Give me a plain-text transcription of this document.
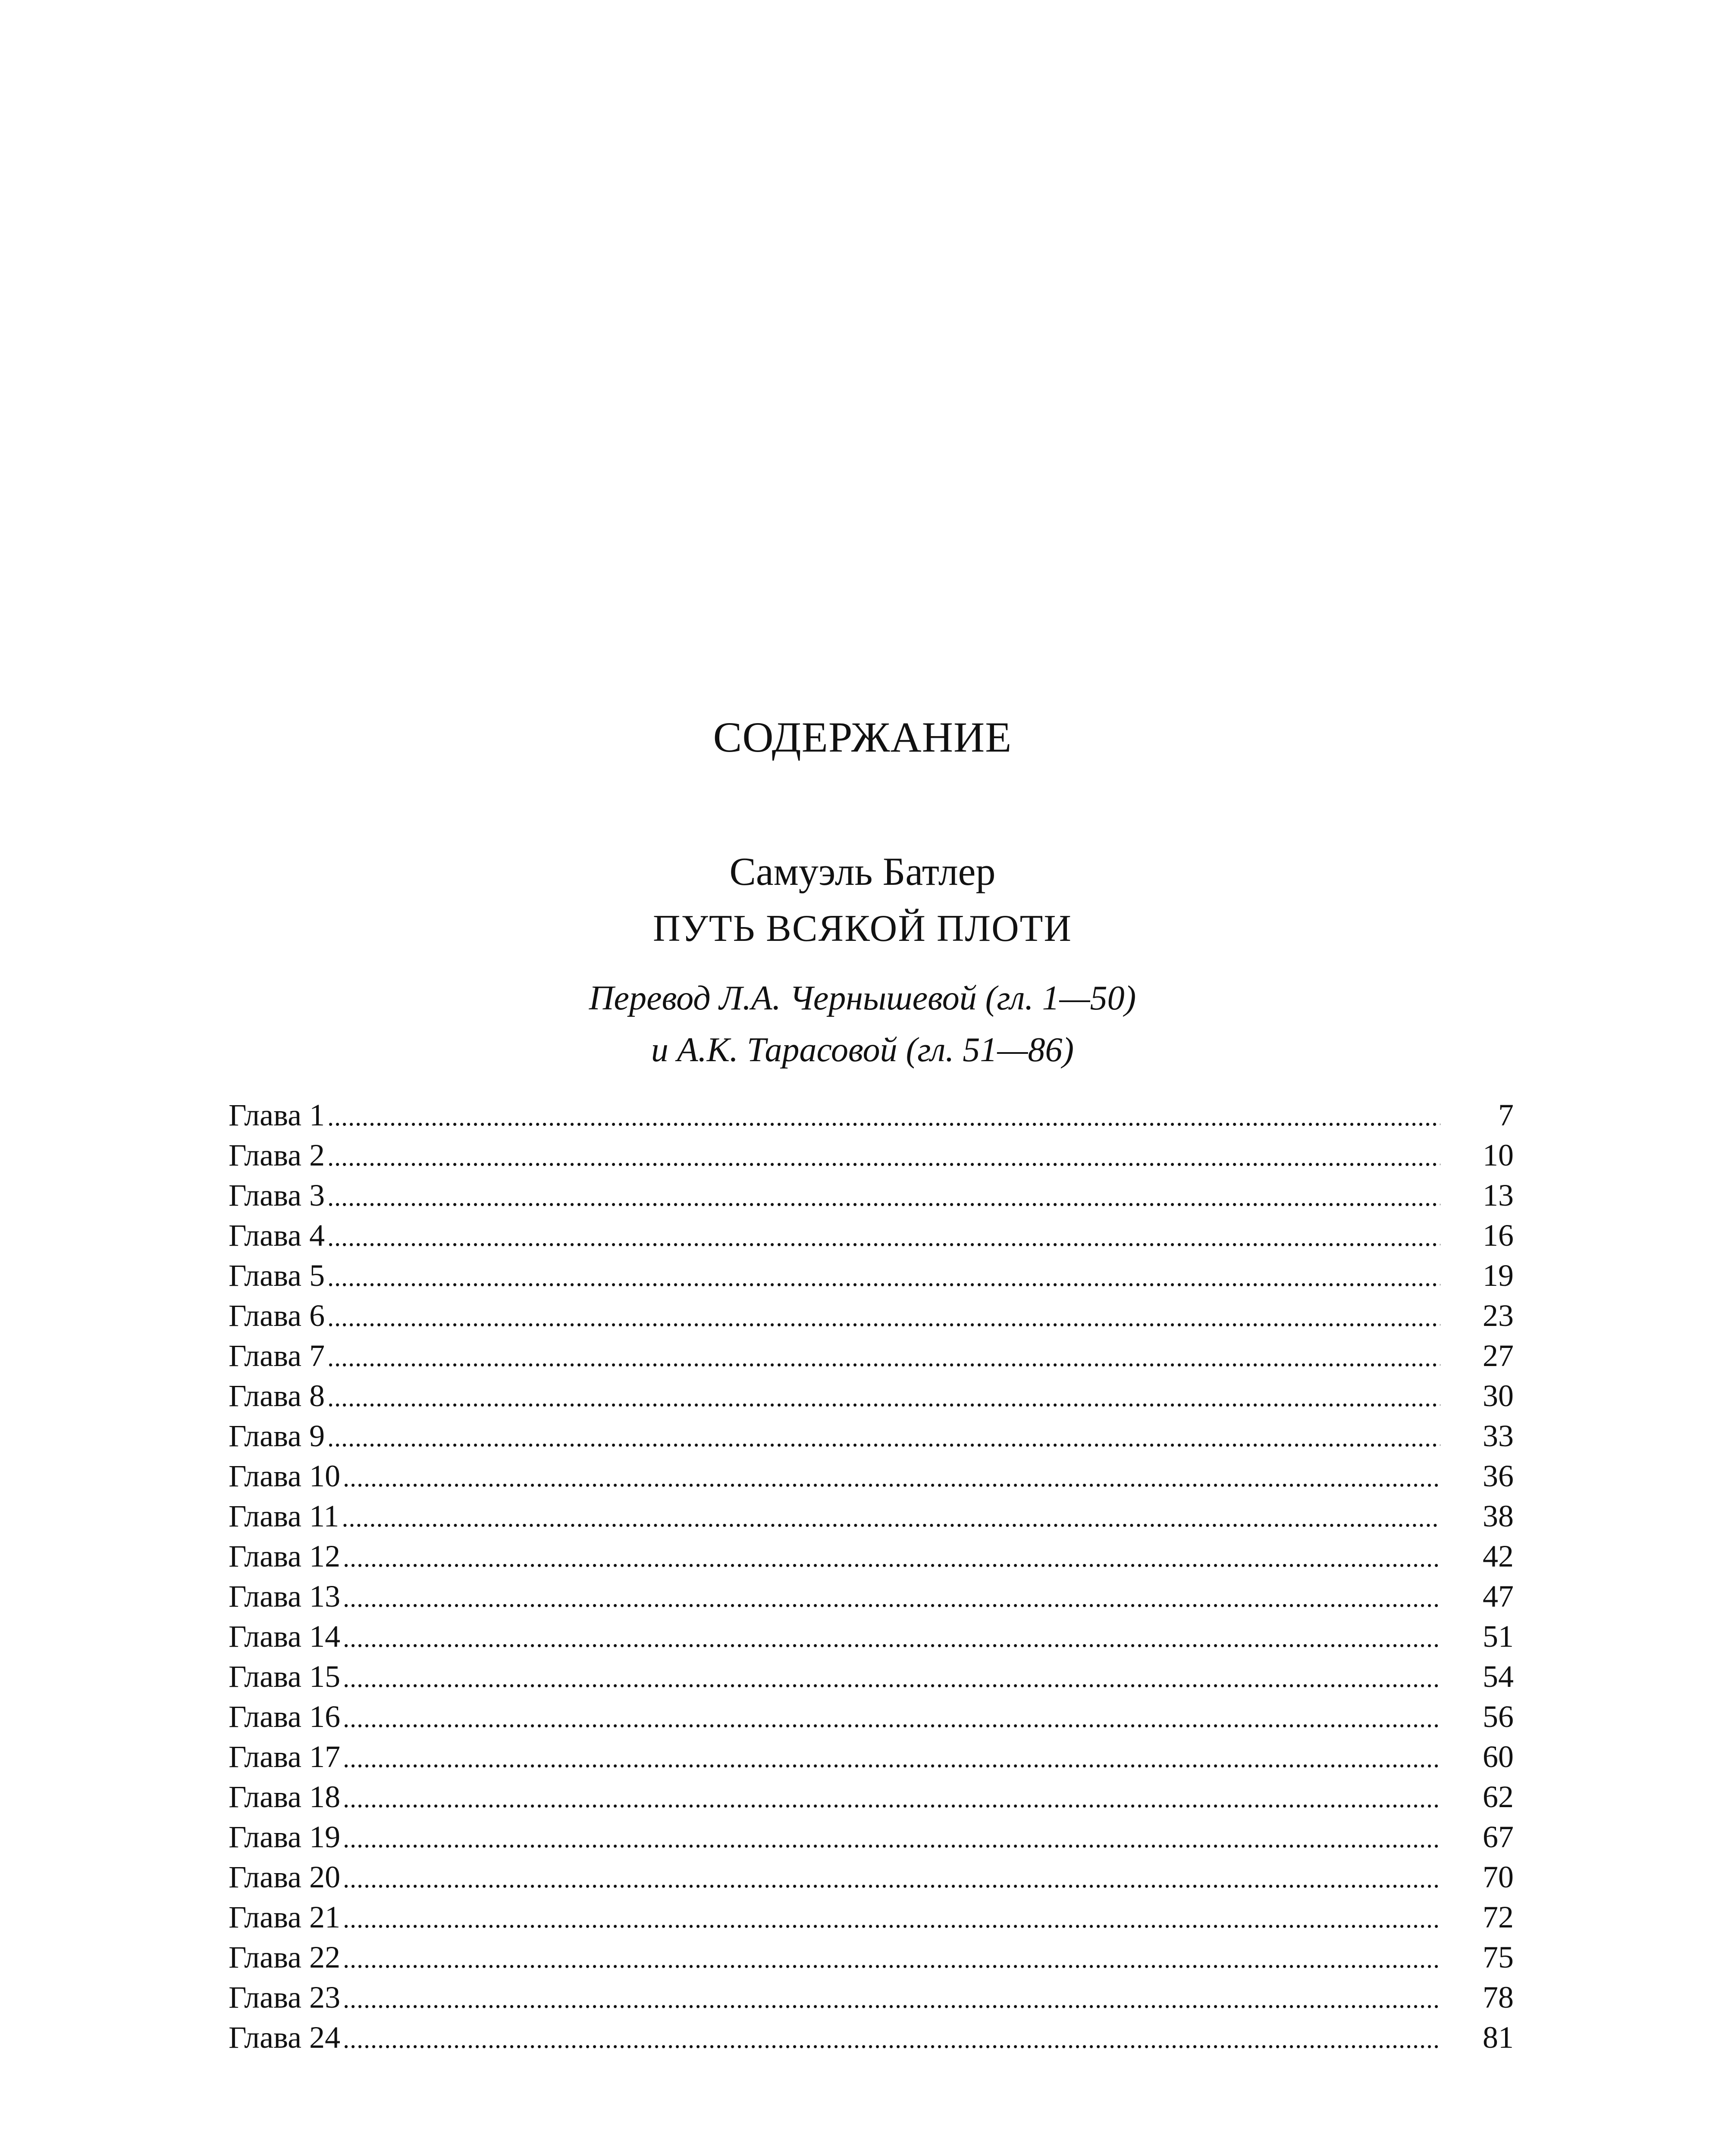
СОДЕРЖАНИЕ
Самуэль Батлер
ПУТЬ ВСЯКОЙ ПЛОТИ
Перевод Л.А. Чернышевой (гл. 1—50)
и А.К. Тарасовой (гл. 51—86)
Глава 1 .....	7
Глава 2 .....	10
Глава 3 .....	13
Глава 4 .....	16
Глава 5 .....	19
Глава 6 .....	23
Глава 7 .....	27
Глава 8 .....	30
Глава 9 .....	33
Глава 10 .....	36
Глава 11 .....	38
Глава 12 .....	42
Глава 13 .....	47
Глава 14 .....	51
Глава 15 .....	54
Глава 16 .....	56
Глава 17 .....	60
Глава 18 .....	62
Глава 19 .....	67
Глава 20 .....	70
Глава 21 .....	72
Глава 22 .....	75
Глава 23 .....	78
Глава 24 .....	81
